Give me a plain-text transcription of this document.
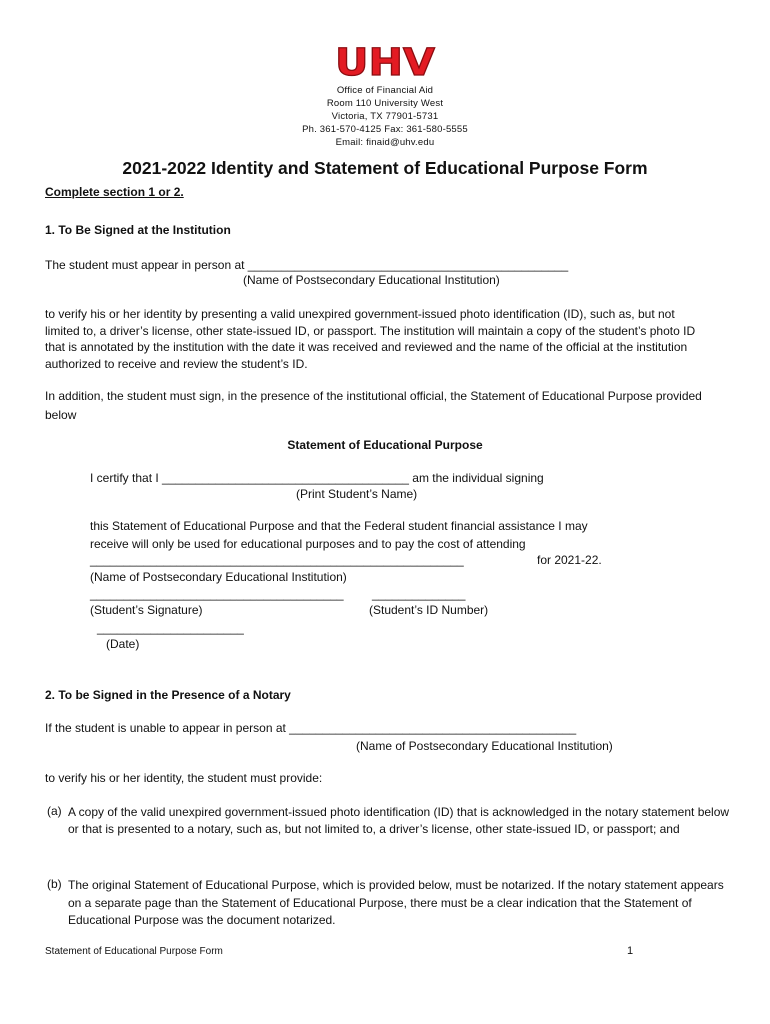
UHV
Office of Financial Aid
Room 110 University West
Victoria, TX 77901-5731
Ph. 361-570-4125 Fax: 361-580-5555
Email: finaid@uhv.edu
2021-2022 Identity and Statement of Educational Purpose Form
Complete section 1 or 2.
1. To Be Signed at the Institution
The student must appear in person at ________________________________________________
(Name of Postsecondary Educational Institution)
to verify his or her identity by presenting a valid unexpired government-issued photo identification (ID), such as, but not limited to, a driver’s license, other state-issued ID, or passport. The institution will maintain a copy of the student’s photo ID that is annotated by the institution with the date it was received and reviewed and the name of the official at the institution authorized to receive and review the student’s ID.
In addition, the student must sign, in the presence of the institutional official, the Statement of Educational Purpose provided below
Statement of Educational Purpose
I certify that I _____________________________________ am the individual signing
(Print Student’s Name)
this Statement of Educational Purpose and that the Federal student financial assistance I may
receive will only be used for educational purposes and to pay the cost of attending
________________________________________________________	for 2021-22.
(Name of Postsecondary Educational Institution)
______________________________________ ______________
(Student’s Signature)	(Student’s ID Number)
______________________
(Date)
2. To be Signed in the Presence of a Notary
If the student is unable to appear in person at ___________________________________________
(Name of Postsecondary Educational Institution)
to verify his or her identity, the student must provide:
(a) A copy of the valid unexpired government-issued photo identification (ID) that is acknowledged in the notary statement below or that is presented to a notary, such as, but not limited to, a driver’s license, other state-issued ID, or passport; and
(b) The original Statement of Educational Purpose, which is provided below, must be notarized. If the notary statement appears on a separate page than the Statement of Educational Purpose, there must be a clear indication that the Statement of Educational Purpose was the document notarized.
Statement of Educational Purpose Form	1
